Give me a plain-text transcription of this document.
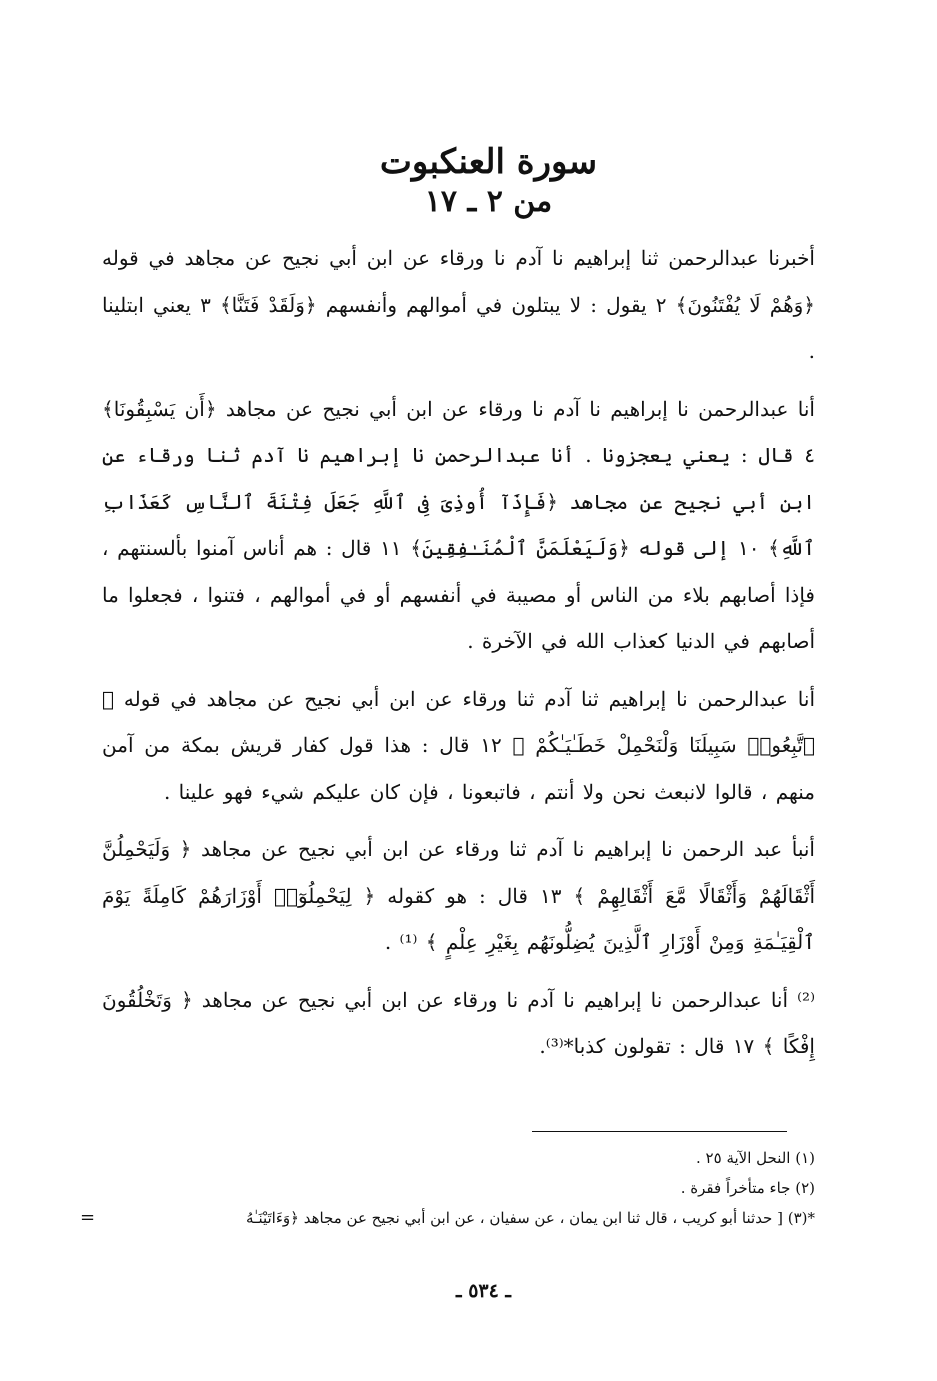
سورة العنكبوت
من ٢ ـ ١٧

أخبرنا عبدالرحمن ثنا إبراهيم نا آدم نا ورقاء عن ابن أبي نجيح عن مجاهد في قوله ﴿وَهُمْ لَا يُفْتَنُونَ﴾ ٢ يقول : لا يبتلون في أموالهم وأنفسهم ﴿وَلَقَدْ فَتَنَّا﴾ ٣ يعني ابتلينا .

أنا عبدالرحمن نا إبراهيم نا آدم نا ورقاء عن ابن أبي نجيح عن مجاهد ﴿أَن يَسْبِقُونَا﴾ ٤ قال : يعني يعجزونا . أنا عبدالرحمن نا إبراهيم نا آدم ثنا ورقاء عن ابن أبي نجيح عن مجاهد ﴿فَإِذَآ أُوذِىَ فِى ٱللَّهِ جَعَلَ فِتْنَةَ ٱلنَّاسِ كَعَذَابِ ٱللَّهِ﴾ ١٠ إلى قوله ﴿وَلَيَعْلَمَنَّ ٱلْمُنَـٰفِقِينَ﴾ ١١ قال : هم أناس آمنوا بألسنتهم ، فإذا أصابهم بلاء من الناس أو مصيبة في أنفسهم أو في أموالهم ، فتنوا ، فجعلوا ما أصابهم في الدنيا كعذاب الله في الآخرة .

أنا عبدالرحمن نا إبراهيم ثنا آدم ثنا ورقاء عن ابن أبي نجيح عن مجاهد في قوله ﴿ ٱتَّبِعُوا۟ سَبِيلَنَا وَلْنَحْمِلْ خَطَـٰيَـٰكُمْ ﴾ ١٢ قال : هذا قول كفار قريش بمكة من آمن منهم ، قالوا لانبعث نحن ولا أنتم ، فاتبعونا ، فإن كان عليكم شيء فهو علينا .

أنبأ عبد الرحمن نا إبراهيم نا آدم ثنا ورقاء عن ابن أبي نجيح عن مجاهد ﴿ وَلَيَحْمِلُنَّ أَثْقَالَهُمْ وَأَثْقَالًا مَّعَ أَثْقَالِهِمْ ﴾ ١٣ قال : هو كقوله ﴿ لِيَحْمِلُوٓا۟ أَوْزَارَهُمْ كَامِلَةً يَوْمَ ٱلْقِيَـٰمَةِ وَمِنْ أَوْزَارِ ٱلَّذِينَ يُضِلُّونَهُم بِغَيْرِ عِلْمٍ ﴾ ⁽¹⁾ .

⁽²⁾ أنا عبدالرحمن نا إبراهيم نا آدم نا ورقاء عن ابن أبي نجيح عن مجاهد ﴿ وَتَخْلُقُونَ إِفْكًا ﴾ ١٧ قال : تقولون كذبا*⁽³⁾.

(١) النحل الآية ٢٥ .
(٢) جاء متأخراً فقرة .
*(٣) [ حدثنا أبو كريب ، قال ثنا ابن يمان ، عن سفيان ، عن ابن أبي نجيح عن مجاهد ﴿وَءَاتَيْنَـٰهُ
=
ـ ٥٣٤ ـ
